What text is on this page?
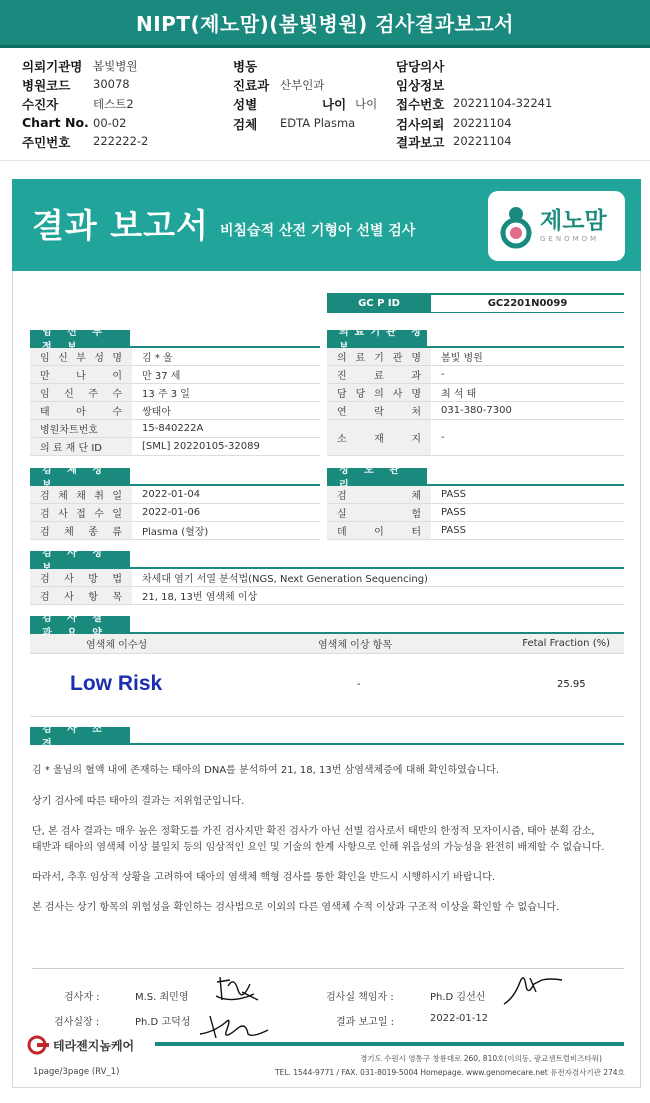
NIPT(제노맘)(봄빛병원) 검사결과보고서
의뢰기관명 봄빛병원
병원코드 30078
수진자	테스트2
Chart No. 00-02
주민번호 222222-2
병동
진료과 산부인과
성별	나이 나이
검체 EDTA Plasma
담당의사
임상정보
접수번호 20221104-32241
검사의뢰 20221104
결과보고 20221104
결과 보고서 비침습적 산전 기형아 선별 검사	제노맘
GENOMOM
GC P ID	GC2201N0099
임 신 부
임 신 부 성 명	김 * 울
만	나	이	만 37 세
임 신 주 수	13 주 3 일
태	아	수	쌍태아
병원차트번호	15-840222A
의 료 재 단 ID	[SML] 20220105-32089
의료기관 정
의 료 기 관 명	봄빛 병원
진	료	과	-
담 당 의 사 명	최 석 태
연	락	처	031-380-7300
소	재	지	-
검 체 정
검 체 채 취 일	2022-01-04
검 사 접 수 일	2022-01-06
검 체 종 류	Plasma (혈장)
정 도 관
검	체	PASS
실	험	PASS
데	이	터	PASS
검 사 정
검 사 방 법	차세대 염기 서열 분석법(NGS, Next Generation Sequencing)
검 사 항 목	21, 18, 13번 염색체 이상
검 사 결
염색체 이수성	염색체 이상 항목	Fetal Fraction (%)
Low Risk	-	25.95
검 사 소
김 * 울님의 혈액 내에 존재하는 태아의 DNA를 분석하여 21, 18, 13번 삼염색체증에 대해 확인하였습니다.
상기 검사에 따른 태아의 결과는 저위험군입니다.
단, 본 검사 결과는 매우 높은 정확도를 가진 검사지만 확진 검사가 아닌 선별 검사로서 태반의 한정적 모자이시즘, 태아 분획 감소,
태반과 태아의 염색체 이상 불일치 등의 임상적인 요인 및 기술의 한계 사항으로 인해 위음성의 가능성을 완전히 배제할 수 없습니다.
따라서, 추후 임상적 상황을 고려하여 태아의 염색체 핵형 검사를 통한 확인을 반드시 시행하시기 바랍니다.
본 검사는 상기 항목의 위험성을 확인하는 검사법으로 이외의 다른 염색체 수적 이상과 구조적 이상을 확인할 수 없습니다.
검사자 :	M.S. 최민영	검사실 책임자 :	Ph.D 김선신
검사실장 :	Ph.D 고덕성	결과 보고일 :	2022-01-12
테라젠지놈케어
경기도 수원시 영통구 창룡대로 260, 810호(이의동, 광교센트럴비즈타워)
TEL. 1544-9771 / FAX. 031-8019-5004 Homepage. www.genomecare.net 유전자검사기관 274호
1page/3page (RV_1)
